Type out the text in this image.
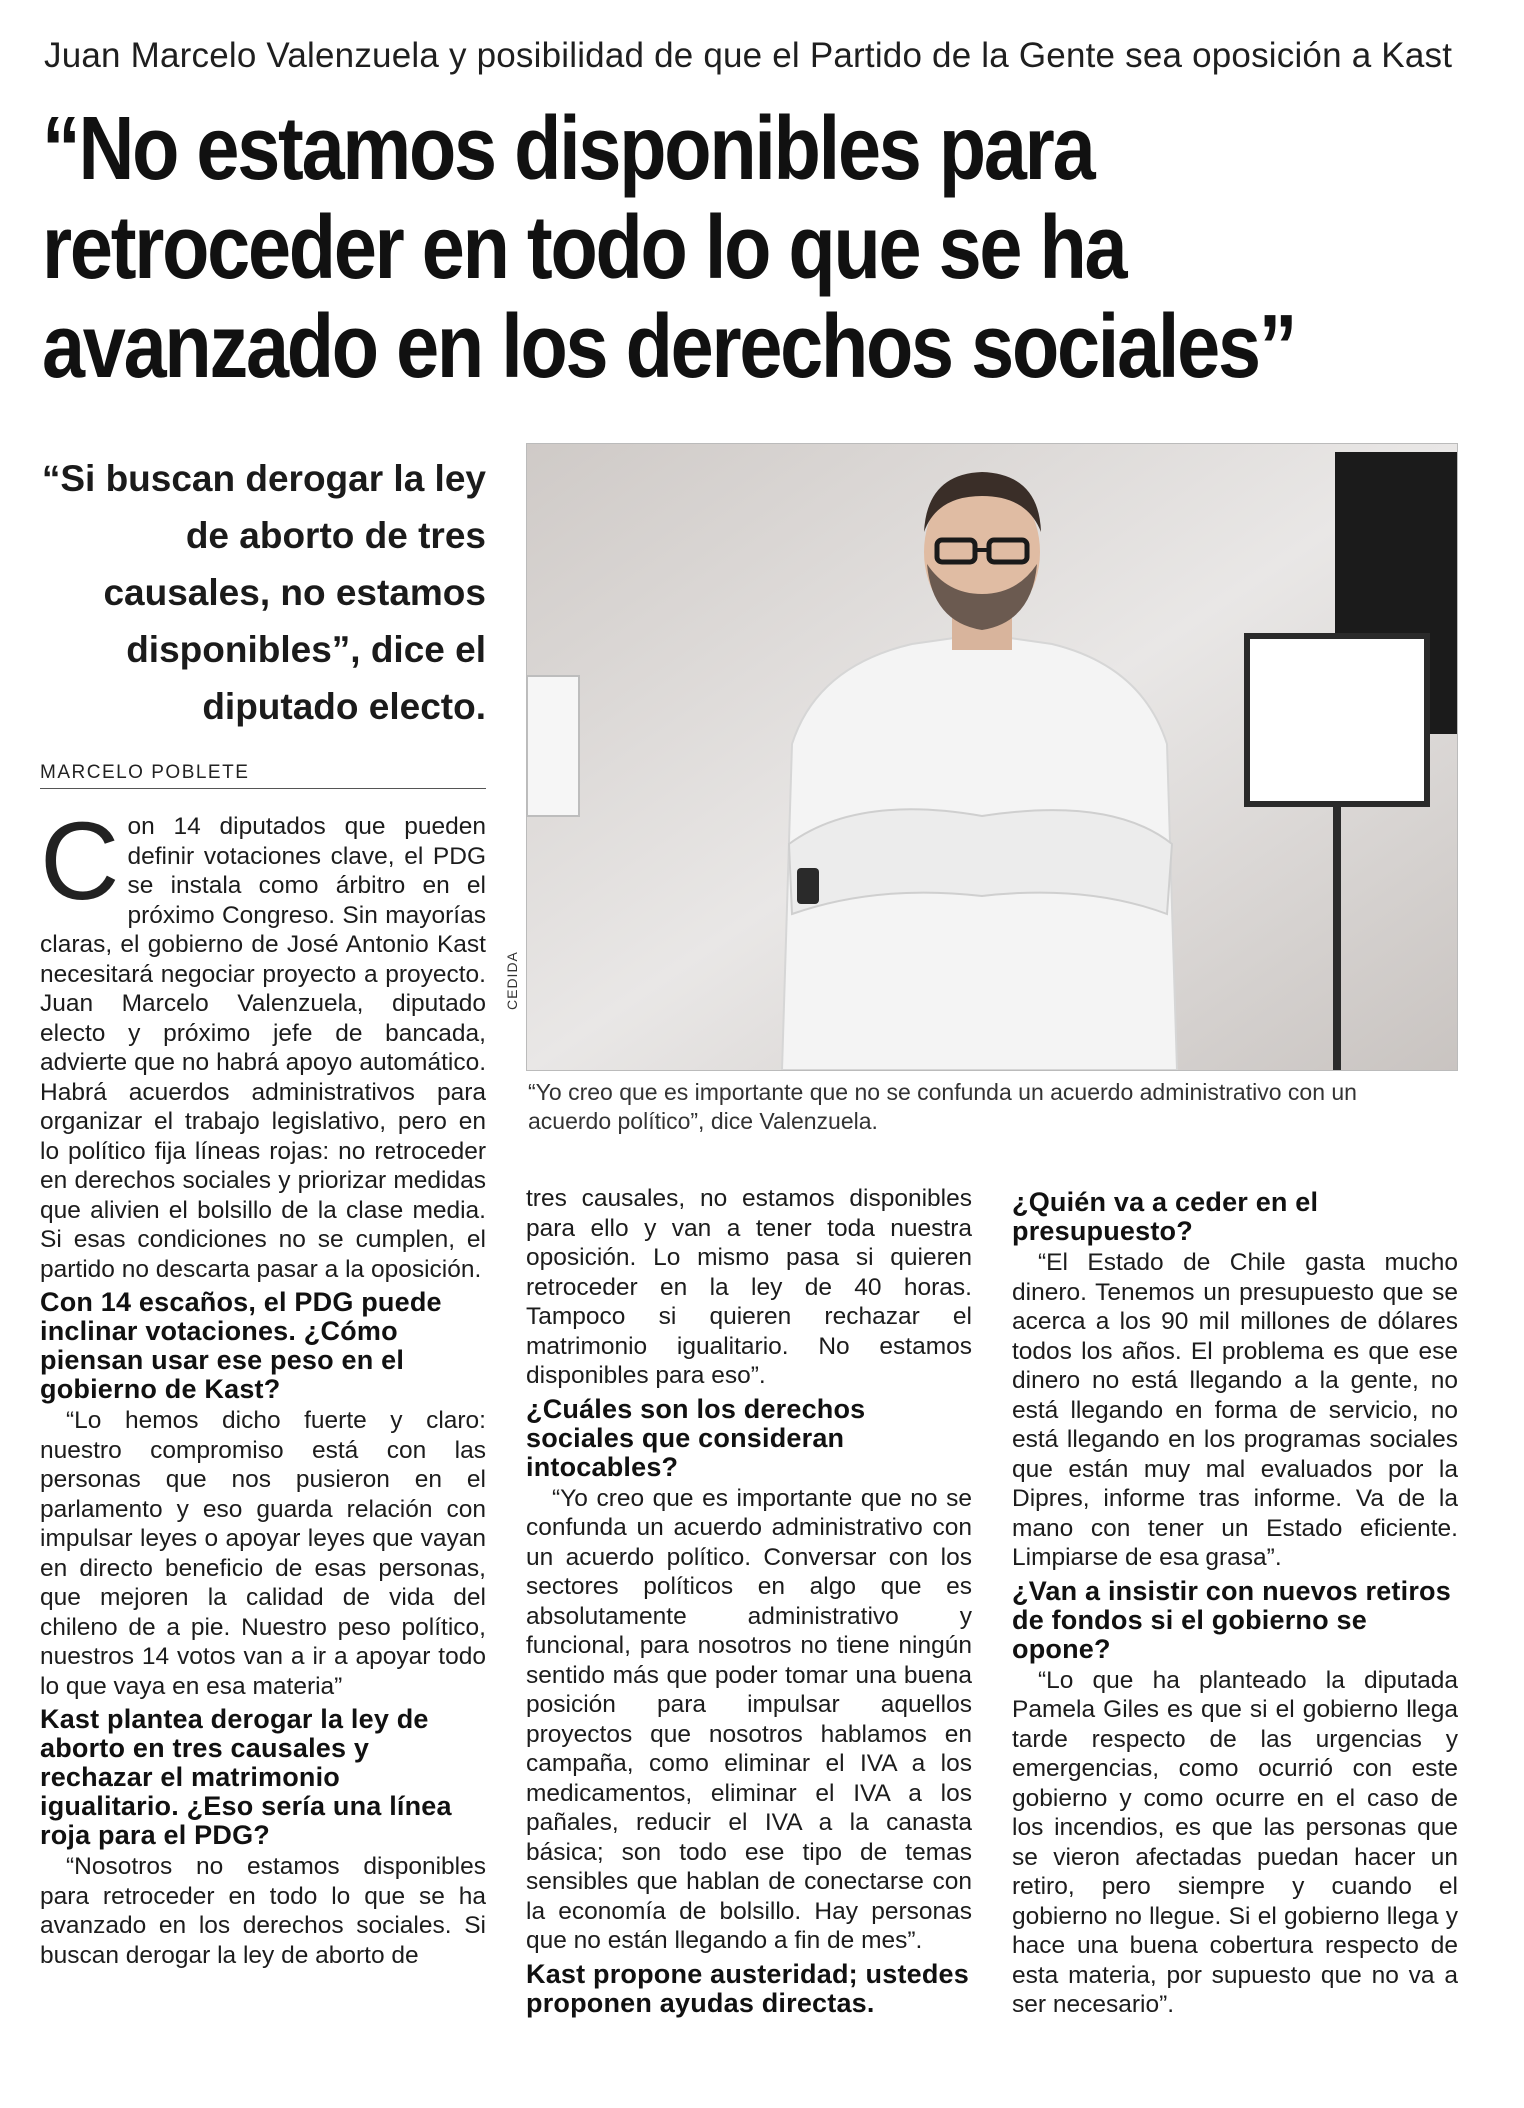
Juan Marcelo Valenzuela y posibilidad de que el Partido de la Gente sea oposición a Kast
“No estamos disponibles para
retroceder en todo lo que se ha
avanzado en los derechos sociales”
“Si buscan derogar la ley de aborto de tres causales, no estamos disponibles”, dice el diputado electo.
MARCELO POBLETE
CEDIDA
“Yo creo que es importante que no se confunda un acuerdo administrativo con un acuerdo político”, dice Valenzuela.

Con 14 diputados que pueden definir votaciones clave, el PDG se instala como árbitro en el próximo Congreso. Sin mayorías claras, el gobierno de José Antonio Kast necesitará negociar proyecto a proyecto. Juan Marcelo Valenzuela, diputado electo y próximo jefe de bancada, advierte que no habrá apoyo automático. Habrá acuerdos administrativos para organizar el trabajo legislativo, pero en lo político fija líneas rojas: no retroceder en derechos sociales y priorizar medidas que alivien el bolsillo de la clase media. Si esas condiciones no se cumplen, el partido no descarta pasar a la oposición.

Con 14 escaños, el PDG puede inclinar votaciones. ¿Cómo piensan usar ese peso en el gobierno de Kast?

“Lo hemos dicho fuerte y claro: nuestro compromiso está con las personas que nos pusieron en el parlamento y eso guarda relación con impulsar leyes o apoyar leyes que vayan en directo beneficio de esas personas, que mejoren la calidad de vida del chileno de a pie. Nuestro peso político, nuestros 14 votos van a ir a apoyar todo lo que vaya en esa materia”

Kast plantea derogar la ley de aborto en tres causales y rechazar el matrimonio igualitario. ¿Eso sería una línea roja para el PDG?

“Nosotros no estamos disponibles para retroceder en todo lo que se ha avanzado en los derechos sociales. Si buscan derogar la ley de aborto de

tres causales, no estamos disponibles para ello y van a tener toda nuestra oposición. Lo mismo pasa si quieren retroceder en la ley de 40 horas. Tampoco si quieren rechazar el matrimonio igualitario. No estamos disponibles para eso”.

¿Cuáles son los derechos sociales que consideran intocables?

“Yo creo que es importante que no se confunda un acuerdo administrativo con un acuerdo político. Conversar con los sectores políticos en algo que es absolutamente administrativo y funcional, para nosotros no tiene ningún sentido más que poder tomar una buena posición para impulsar aquellos proyectos que nosotros hablamos en campaña, como eliminar el IVA a los medicamentos, eliminar el IVA a los pañales, reducir el IVA a la canasta básica; son todo ese tipo de temas sensibles que hablan de conectarse con la economía de bolsillo. Hay personas que no están llegando a fin de mes”.

Kast propone austeridad; ustedes proponen ayudas directas.
¿Quién va a ceder en el presupuesto?

“El Estado de Chile gasta mucho dinero. Tenemos un presupuesto que se acerca a los 90 mil millones de dólares todos los años. El problema es que ese dinero no está llegando a la gente, no está llegando en forma de servicio, no está llegando en los programas sociales que están muy mal evaluados por la Dipres, informe tras informe. Va de la mano con tener un Estado eficiente. Limpiarse de esa grasa”.

¿Van a insistir con nuevos retiros de fondos si el gobierno se opone?

“Lo que ha planteado la diputada Pamela Giles es que si el gobierno llega tarde respecto de las urgencias y emergencias, como ocurrió con este gobierno y como ocurre en el caso de los incendios, es que las personas que se vieron afectadas puedan hacer un retiro, pero siempre y cuando el gobierno no llegue. Si el gobierno llega y hace una buena cobertura respecto de esta materia, por supuesto que no va a ser necesario”.
